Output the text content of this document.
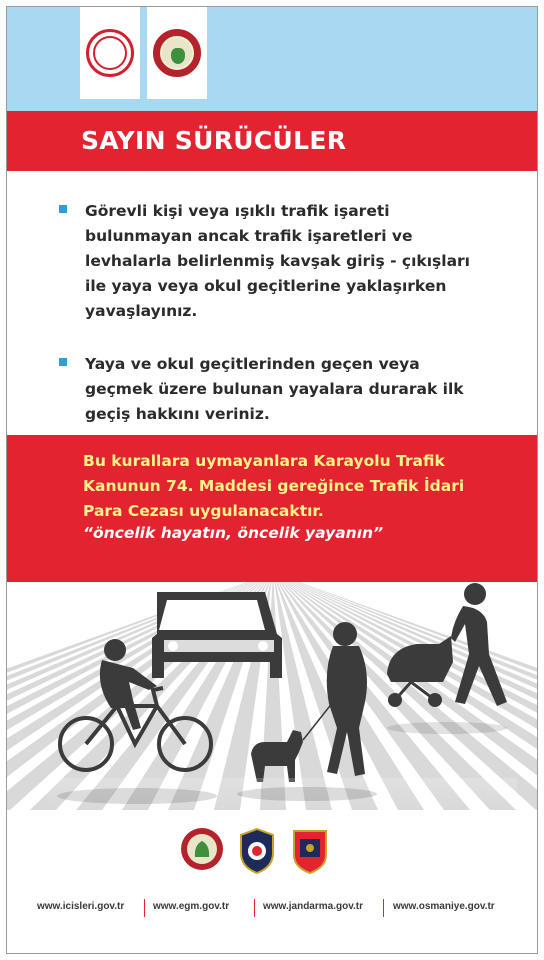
SAYIN SÜRÜCÜLER
Görevli kişi veya ışıklı trafik işareti
bulunmayan ancak trafik işaretleri ve
levhalarla belirlenmiş kavşak giriş - çıkışları
ile yaya veya okul geçitlerine yaklaşırken
yavaşlayınız.
Yaya ve okul geçitlerinden geçen veya
geçmek üzere bulunan yayalara durarak ilk
geçiş hakkını veriniz.
Bu kurallara uymayanlara Karayolu Trafik
Kanunun 74. Maddesi gereğince Trafik İdari
Para Cezası uygulanacaktır.
“öncelik hayatın, öncelik yayanın”
www.icisleri.gov.tr	www.egm.gov.tr	www.jandarma.gov.tr	www.osmaniye.gov.tr
